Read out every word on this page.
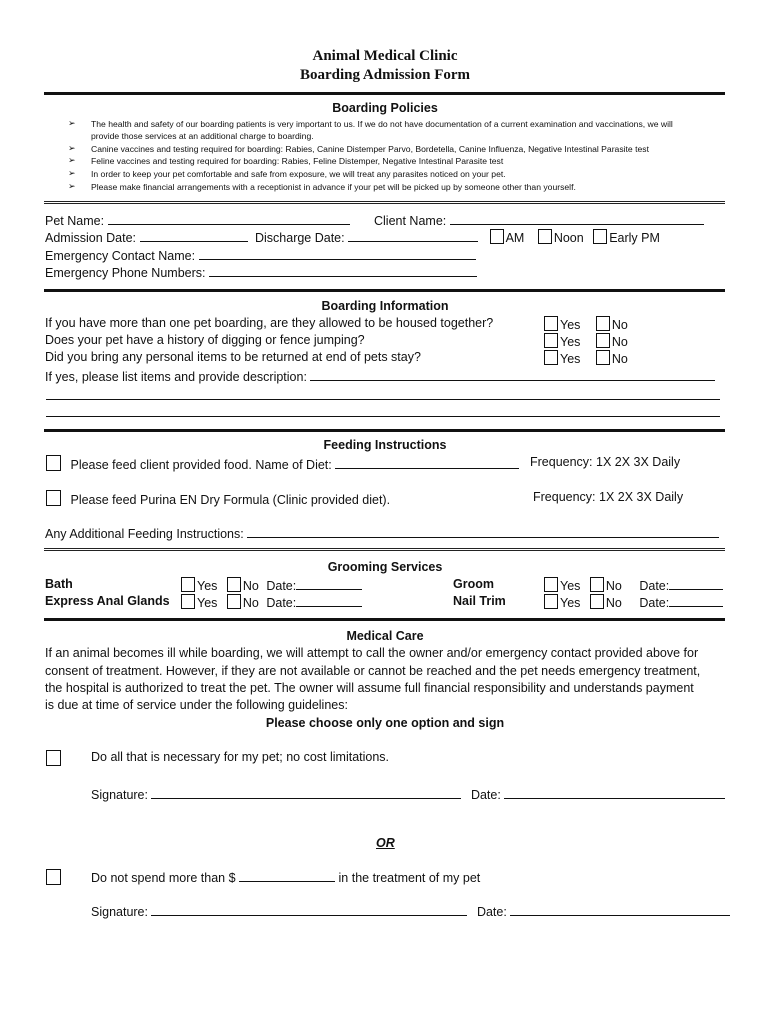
Animal Medical Clinic
Boarding Admission Form
Boarding Policies
➢ The health and safety of our boarding patients is very important to us. If we do not have documentation of a current examination and vaccinations, we will
provide those services at an additional charge to boarding.
➢ Canine vaccines and testing required for boarding: Rabies, Canine Distemper Parvo, Bordetella, Canine Influenza, Negative Intestinal Parasite test
➢ Feline vaccines and testing required for boarding: Rabies, Feline Distemper, Negative Intestinal Parasite test
➢ In order to keep your pet comfortable and safe from exposure, we will treat any parasites noticed on your pet.
➢ Please make financial arrangements with a receptionist in advance if your pet will be picked up by someone other than yourself.
Pet Name:	Client Name:
Admission Date:	Discharge Date:	AM Noon Early PM
Emergency Contact Name:
Emergency Phone Numbers:
Boarding Information
If you have more than one pet boarding, are they allowed to be housed together?	Yes	No
Does your pet have a history of digging or fence jumping?	Yes	No
Did you bring any personal items to be returned at end of pets stay?	Yes	No
If yes, please list items and provide description:
Feeding Instructions
Please feed client provided food. Name of Diet:	Frequency: 1X 2X 3X Daily
Please feed Purina EN Dry Formula (Clinic provided diet).	Frequency: 1X 2X 3X Daily
Any Additional Feeding Instructions:
Grooming Services
Bath	Yes No Date:	Groom	Yes No Date:
Express Anal Glands	Yes No Date:	Nail Trim	Yes No Date:
Medical Care
If an animal becomes ill while boarding, we will attempt to call the owner and/or emergency contact provided above for
consent of treatment. However, if they are not available or cannot be reached and the pet needs emergency treatment,
the hospital is authorized to treat the pet. The owner will assume full financial responsibility and understands payment
is due at time of service under the following guidelines:
Please choose only one option and sign
Do all that is necessary for my pet; no cost limitations.
Signature:	Date:
OR
Do not spend more than $	in the treatment of my pet
Signature:	Date:
